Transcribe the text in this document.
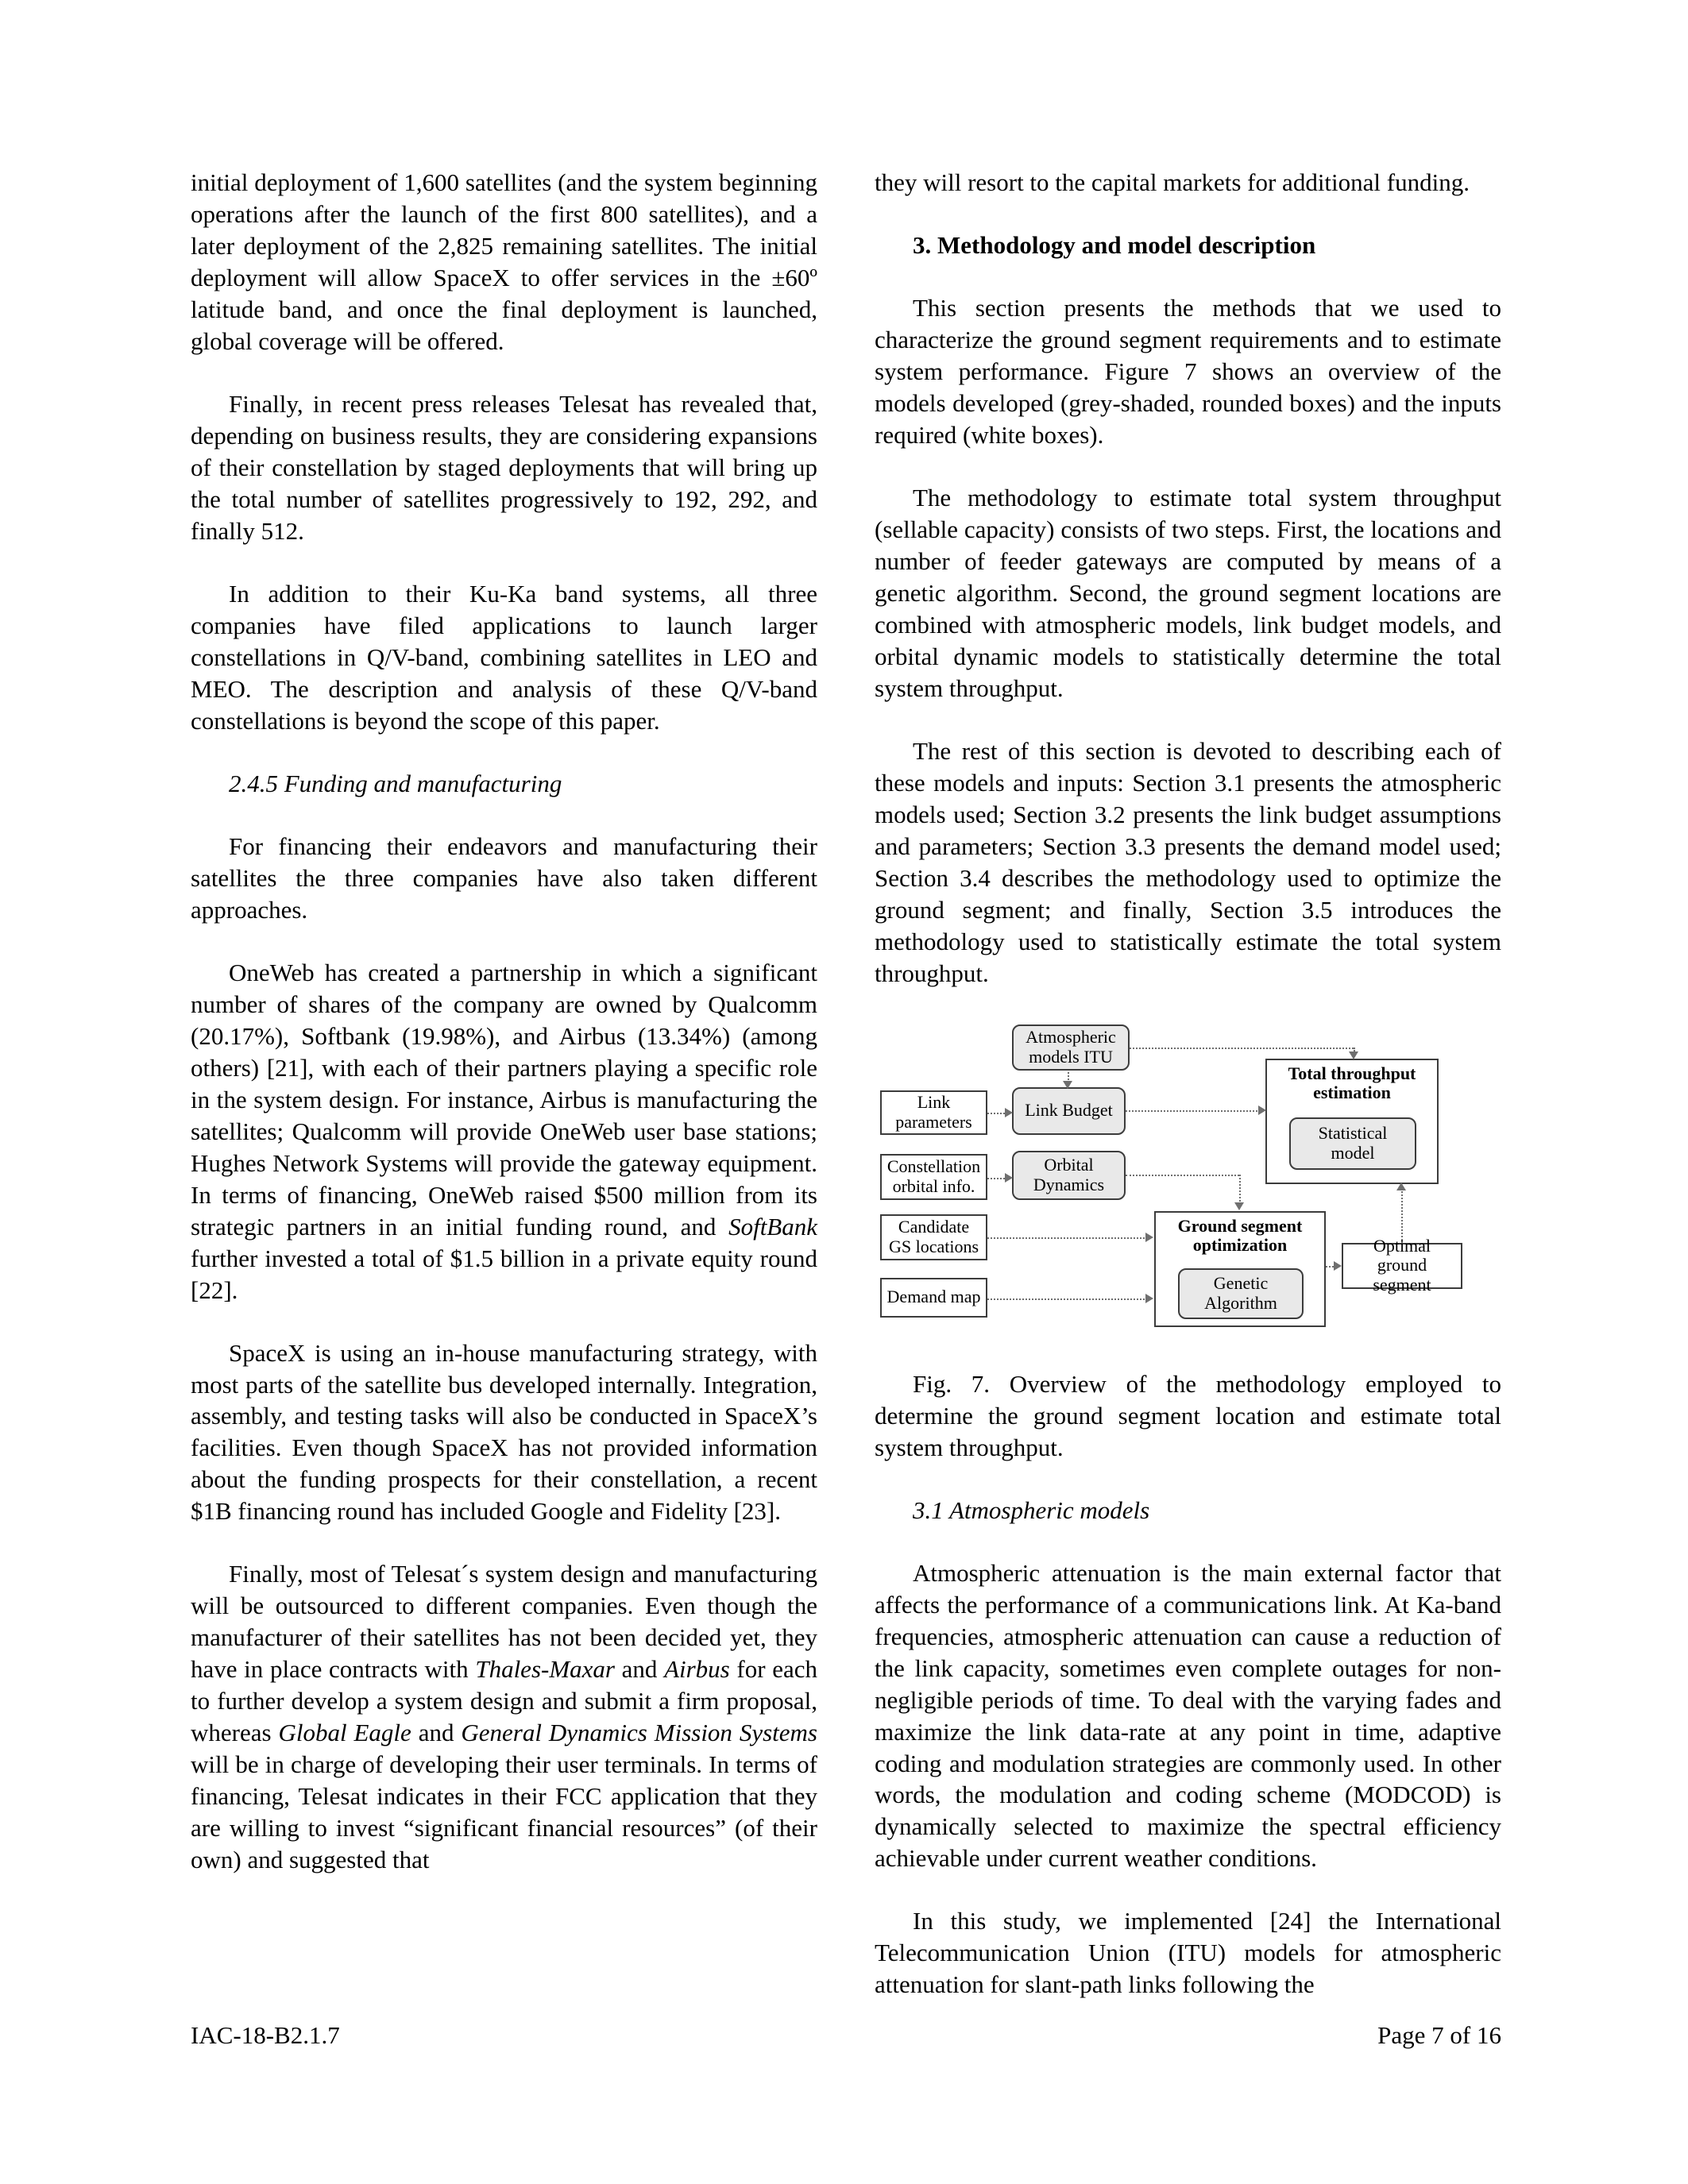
initial deployment of 1,600 satellites (and the system beginning operations after the launch of the first 800 satellites), and a later deployment of the 2,825 remaining satellites. The initial deployment will allow SpaceX to offer services in the ±60º latitude band, and once the final deployment is launched, global coverage will be offered.

Finally, in recent press releases Telesat has revealed that, depending on business results, they are considering expansions of their constellation by staged deployments that will bring up the total number of satellites progressively to 192, 292, and finally 512.

In addition to their Ku-Ka band systems, all three companies have filed applications to launch larger constellations in Q/V-band, combining satellites in LEO and MEO. The description and analysis of these Q/V-band constellations is beyond the scope of this paper.

2.4.5 Funding and manufacturing

For financing their endeavors and manufacturing their satellites the three companies have also taken different approaches.

OneWeb has created a partnership in which a significant number of shares of the company are owned by Qualcomm (20.17%), Softbank (19.98%), and Airbus (13.34%) (among others) [21], with each of their partners playing a specific role in the system design. For instance, Airbus is manufacturing the satellites; Qualcomm will provide OneWeb user base stations; Hughes Network Systems will provide the gateway equipment. In terms of financing, OneWeb raised $500 million from its strategic partners in an initial funding round, and SoftBank further invested a total of $1.5 billion in a private equity round [22].

SpaceX is using an in-house manufacturing strategy, with most parts of the satellite bus developed internally. Integration, assembly, and testing tasks will also be conducted in SpaceX’s facilities. Even though SpaceX has not provided information about the funding prospects for their constellation, a recent $1B financing round has included Google and Fidelity [23].

Finally, most of Telesat´s system design and manufacturing will be outsourced to different companies. Even though the manufacturer of their satellites has not been decided yet, they have in place contracts with Thales-Maxar and Airbus for each to further develop a system design and submit a firm proposal, whereas Global Eagle and General Dynamics Mission Systems will be in charge of developing their user terminals. In terms of financing, Telesat indicates in their FCC application that they are willing to invest “significant financial resources” (of their own) and suggested that

they will resort to the capital markets for additional funding.

3. Methodology and model description

This section presents the methods that we used to characterize the ground segment requirements and to estimate system performance. Figure 7 shows an overview of the models developed (grey-shaded, rounded boxes) and the inputs required (white boxes).

The methodology to estimate total system throughput (sellable capacity) consists of two steps. First, the locations and number of feeder gateways are computed by means of a genetic algorithm. Second, the ground segment locations are combined with atmospheric models, link budget models, and orbital dynamic models to statistically determine the total system throughput.

The rest of this section is devoted to describing each of these models and inputs: Section 3.1 presents the atmospheric models used; Section 3.2 presents the link budget assumptions and parameters; Section 3.3 presents the demand model used; Section 3.4 describes the methodology used to optimize the ground segment; and finally, Section 3.5 introduces the methodology used to statistically estimate the total system throughput.

Atmospheric models ITU
Link parameters
Link Budget
Total throughput estimation
Statistical model
Constellation orbital info.
Orbital Dynamics
Candidate GS locations
Ground segment optimization
Genetic Algorithm
Optimal ground segment
Demand map

Fig. 7. Overview of the methodology employed to determine the ground segment location and estimate total system throughput.

3.1 Atmospheric models

Atmospheric attenuation is the main external factor that affects the performance of a communications link. At Ka-band frequencies, atmospheric attenuation can cause a reduction of the link capacity, sometimes even complete outages for non-negligible periods of time. To deal with the varying fades and maximize the link data-rate at any point in time, adaptive coding and modulation strategies are commonly used. In other words, the modulation and coding scheme (MODCOD) is dynamically selected to maximize the spectral efficiency achievable under current weather conditions.

In this study, we implemented [24] the International Telecommunication Union (ITU) models for atmospheric attenuation for slant-path links following the

IAC-18-B2.1.7	Page 7 of 16
